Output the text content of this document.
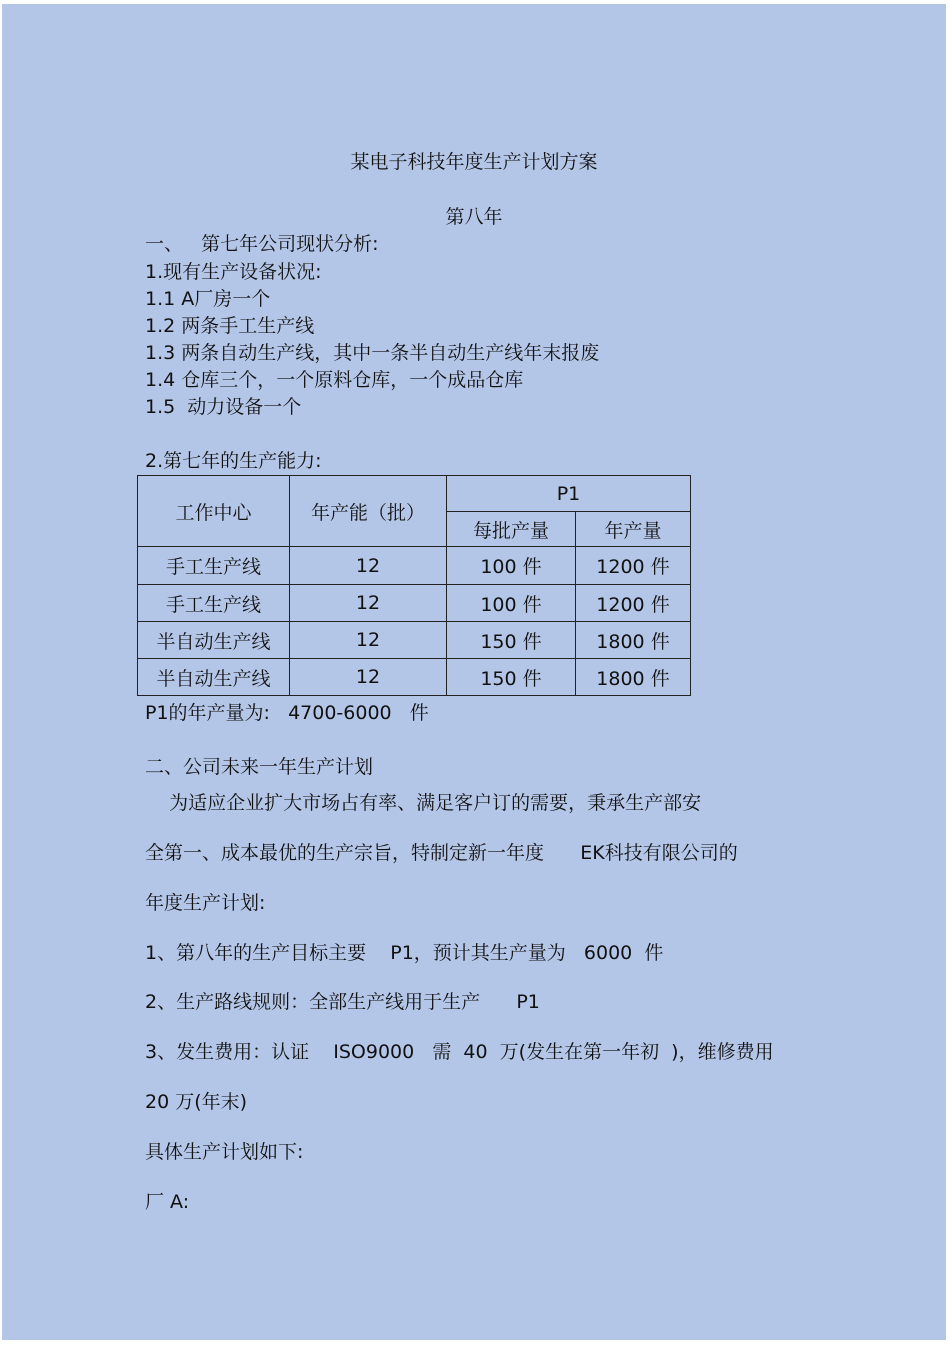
某电子科技年度生产计划方案
第八年
一、   第七年公司现状分析:
1.现有生产设备状况:
1.1 A厂房一个
1.2 两条手工生产线
1.3 两条自动生产线，其中一条半自动生产线年末报废
1.4 仓库三个，一个原料仓库，一个成品仓库
1.5  动力设备一个
2.第七年的生产能力:
工作中心	年产能（批）	P1	
		每批产量	年产量
手工生产线	12	100 件	1200 件
手工生产线	12	100 件	1200 件
半自动生产线	12	150 件	1800 件
半自动生产线	12	150 件	1800 件
P1的年产量为:   4700-6000   件
二、公司未来一年生产计划
为适应企业扩大市场占有率、满足客户订的需要，秉承生产部安
全第一、成本最优的生产宗旨，特制定新一年度      EK科技有限公司的
年度生产计划:
1、第八年的生产目标主要    P1，预计其生产量为   6000  件
2、生产路线规则：全部生产线用于生产      P1
3、发生费用：认证    ISO9000   需  40  万(发生在第一年初  )，维修费用
20 万(年末)
具体生产计划如下:
厂 A:
